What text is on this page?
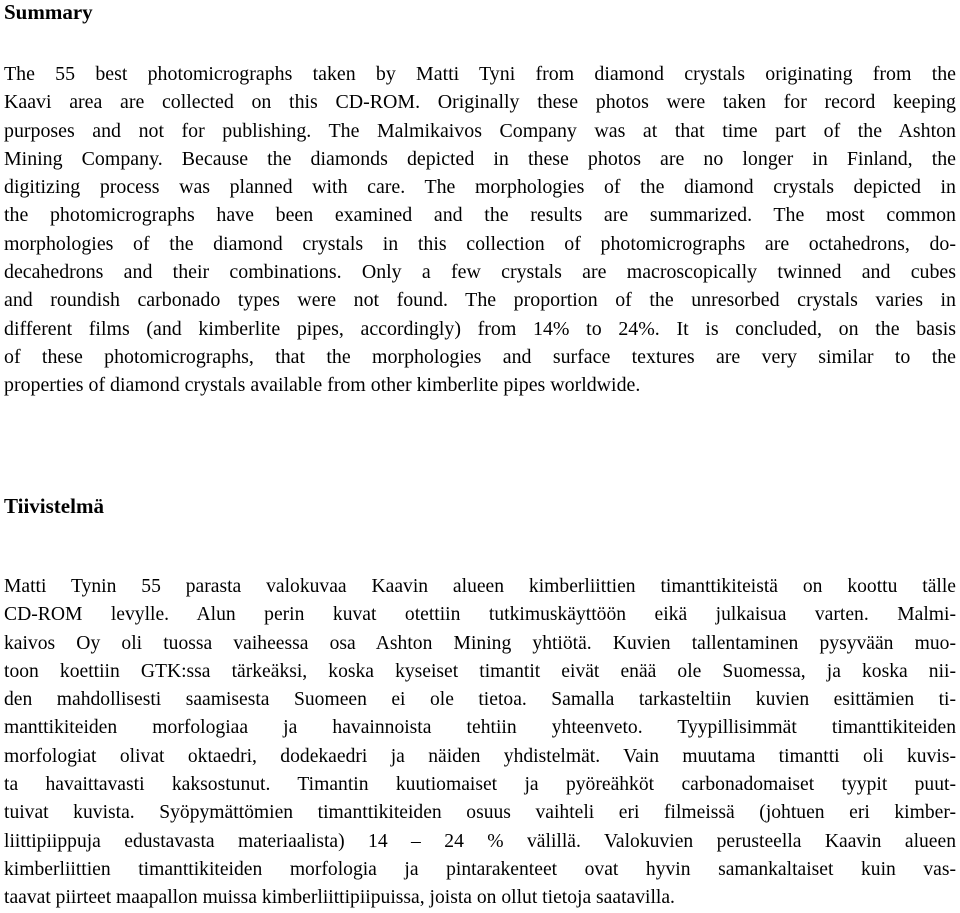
Summary
The 55 best photomicrographs taken by Matti Tyni from diamond crystals originating from the
Kaavi area are collected on this CD-ROM. Originally these photos were taken for record keeping
purposes and not for publishing. The Malmikaivos Company was at that time part of the Ashton
Mining Company. Because the diamonds depicted in these photos are no longer in Finland, the
digitizing process was planned with care. The morphologies of the diamond crystals depicted in
the photomicrographs have been examined and the results are summarized. The most common
morphologies of the diamond crystals in this collection of photomicrographs are octahedrons, do-
decahedrons and their combinations. Only a few crystals are macroscopically twinned and cubes
and roundish carbonado types were not found. The proportion of the unresorbed crystals varies in
different films (and kimberlite pipes, accordingly) from 14% to 24%. It is concluded, on the basis
of these photomicrographs, that the morphologies and surface textures are very similar to the
properties of diamond crystals available from other kimberlite pipes worldwide.
Tiivistelmä
Matti Tynin 55 parasta valokuvaa Kaavin alueen kimberliittien timanttikiteistä on koottu tälle
CD-ROM levylle. Alun perin kuvat otettiin tutkimuskäyttöön eikä julkaisua varten. Malmi-
kaivos Oy oli tuossa vaiheessa osa Ashton Mining yhtiötä. Kuvien tallentaminen pysyvään muo-
toon koettiin GTK:ssa tärkeäksi, koska kyseiset timantit eivät enää ole Suomessa, ja koska nii-
den mahdollisesti saamisesta Suomeen ei ole tietoa. Samalla tarkasteltiin kuvien esittämien ti-
manttikiteiden morfologiaa ja havainnoista tehtiin yhteenveto. Tyypillisimmät timanttikiteiden
morfologiat olivat oktaedri, dodekaedri ja näiden yhdistelmät. Vain muutama timantti oli kuvis-
ta havaittavasti kaksostunut. Timantin kuutiomaiset ja pyöreähköt carbonadomaiset tyypit puut-
tuivat kuvista. Syöpymättömien timanttikiteiden osuus vaihteli eri filmeissä (johtuen eri kimber-
liittipiippuja edustavasta materiaalista) 14 – 24 % välillä. Valokuvien perusteella Kaavin alueen
kimberliittien timanttikiteiden morfologia ja pintarakenteet ovat hyvin samankaltaiset kuin vas-
taavat piirteet maapallon muissa kimberliittipiipuissa, joista on ollut tietoja saatavilla.
